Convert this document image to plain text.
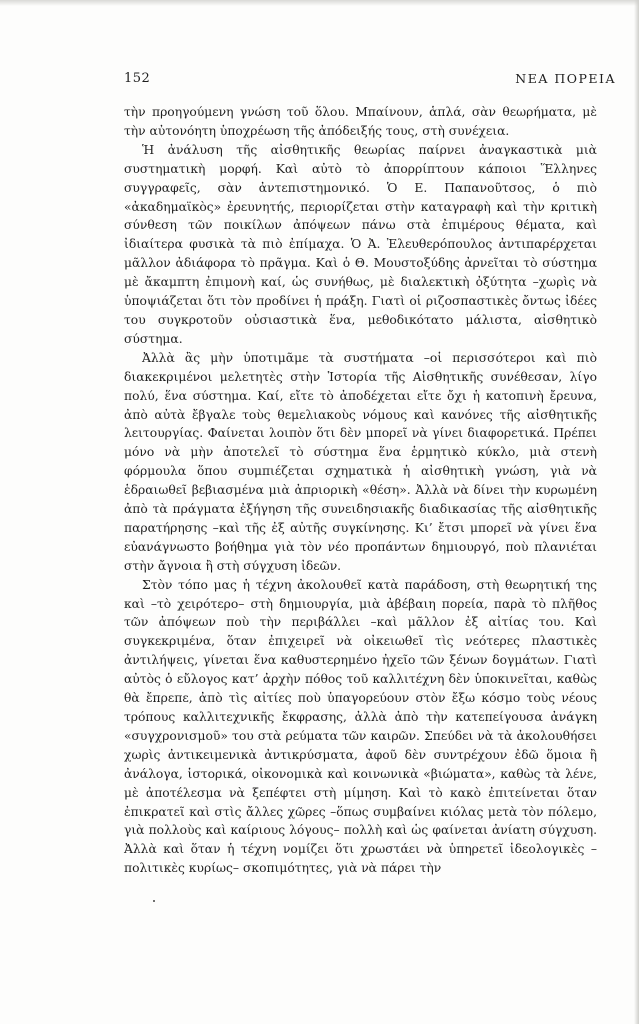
152	ΝΕΑ ΠΟΡΕΙΑ

τὴν προηγούμενη γνώση τοῦ ὅλου. Μπαίνουν, ἁπλά, σὰν θεωρήματα, μὲ τὴν αὐτονόητη ὑποχρέωση τῆς ἀπόδειξής τους, στὴ συνέχεια.

Ἡ ἀνάλυση τῆς αἰσθητικῆς θεωρίας παίρνει ἀναγκαστικὰ μιὰ συστηματικὴ μορφή. Καὶ αὐτὸ τὸ ἀπορρίπτουν κάποιοι Ἕλληνες συγγραφεῖς, σὰν ἀντεπιστημονικό. Ὁ Ε. Παπανοῦτσος, ὁ πιὸ «ἀκαδημαϊκὸς» ἐρευνητής, περιορίζεται στὴν καταγραφὴ καὶ τὴν κριτικὴ σύνθεση τῶν ποικίλων ἀπόψεων πάνω στὰ ἐπιμέρους θέματα, καὶ ἰδιαίτερα φυσικὰ τὰ πιὸ ἐπίμαχα. Ὁ Ἀ. Ἐλευθερόπουλος ἀντιπαρέρχεται μᾶλλον ἀδιάφορα τὸ πρᾶγμα. Καὶ ὁ Θ. Μουστοξύδης ἀρνεῖται τὸ σύστημα μὲ ἄκαμπτη ἐπιμονὴ καί, ὡς συνήθως, μὲ διαλεκτικὴ ὀξύτητα –χωρὶς νὰ ὑποψιάζεται ὅτι τὸν προδίνει ἡ πράξη. Γιατὶ οἱ ριζοσπαστικὲς ὄντως ἰδέες του συγκροτοῦν οὐσιαστικὰ ἕνα, μεθοδικότατο μάλιστα, αἰσθητικὸ σύστημα.

Ἀλλὰ ἂς μὴν ὑποτιμᾶμε τὰ συστήματα –οἱ περισσότεροι καὶ πιὸ διακεκριμένοι μελετητὲς στὴν Ἱστορία τῆς Αἰσθητικῆς συνέθεσαν, λίγο πολύ, ἕνα σύστημα. Καί, εἴτε τὸ ἀποδέχεται εἴτε ὄχι ἡ κατοπινὴ ἔρευνα, ἀπὸ αὐτὰ ἔβγαλε τοὺς θεμελιακοὺς νόμους καὶ κανόνες τῆς αἰσθητικῆς λειτουργίας. Φαίνεται λοιπὸν ὅτι δὲν μπορεῖ νὰ γίνει διαφορετικά. Πρέπει μόνο νὰ μὴν ἀποτελεῖ τὸ σύστημα ἕνα ἑρμητικὸ κύκλο, μιὰ στενὴ φόρμουλα ὅπου συμπιέζεται σχηματικὰ ἡ αἰσθητικὴ γνώση, γιὰ νὰ ἑδραιωθεῖ βεβιασμένα μιὰ ἀπριορικὴ «θέση». Ἀλλὰ νὰ δίνει τὴν κυρωμένη ἀπὸ τὰ πράγματα ἐξήγηση τῆς συνειδησιακῆς διαδικασίας τῆς αἰσθητικῆς παρατήρησης –καὶ τῆς ἐξ αὐτῆς συγκίνησης. Κι’ ἔτσι μπορεῖ νὰ γίνει ἕνα εὐανάγνωστο βοήθημα γιὰ τὸν νέο προπάντων δημιουργό, ποὺ πλανιέται στὴν ἄγνοια ἢ στὴ σύγχυση ἰδεῶν.

Στὸν τόπο μας ἡ τέχνη ἀκολουθεῖ κατὰ παράδοση, στὴ θεωρητική της καὶ –τὸ χειρότερο– στὴ δημιουργία, μιὰ ἀβέβαιη πορεία, παρὰ τὸ πλῆθος τῶν ἀπόψεων ποὺ τὴν περιβάλλει –καὶ μᾶλλον ἐξ αἰτίας του. Καὶ συγκεκριμένα, ὅταν ἐπιχειρεῖ νὰ οἰκειωθεῖ τὶς νεότερες πλαστικὲς ἀντιλήψεις, γίνεται ἕνα καθυστερημένο ἠχεῖο τῶν ξένων δογμάτων. Γιατὶ αὐτὸς ὁ εὔλογος κατ’ ἀρχὴν πόθος τοῦ καλλιτέχνη δὲν ὑποκινεῖται, καθὼς θὰ ἔπρεπε, ἀπὸ τὶς αἰτίες ποὺ ὑπαγορεύουν στὸν ἔξω κόσμο τοὺς νέους τρόπους καλλιτεχνικῆς ἔκφρασης, ἀλλὰ ἀπὸ τὴν κατεπείγουσα ἀνάγκη «συγχρονισμοῦ» του στὰ ρεύματα τῶν καιρῶν. Σπεύδει νὰ τὰ ἀκολουθήσει χωρὶς ἀντικειμενικὰ ἀντικρύσματα, ἀφοῦ δὲν συντρέχουν ἐδῶ ὅμοια ἢ ἀνάλογα, ἱστορικά, οἰκονομικὰ καὶ κοινωνικὰ «βιώματα», καθὼς τὰ λένε, μὲ ἀποτέλεσμα νὰ ξεπέφτει στὴ μίμηση. Καὶ τὸ κακὸ ἐπιτείνεται ὅταν ἐπικρατεῖ καὶ στὶς ἄλλες χῶρες –ὅπως συμβαίνει κιόλας μετὰ τὸν πόλεμο, γιὰ πολλοὺς καὶ καίριους λόγους– πολλὴ καὶ ὡς φαίνεται ἀνίατη σύγχυση. Ἀλλὰ καὶ ὅταν ἡ τέχνη νομίζει ὅτι χρωστάει νὰ ὑπηρετεῖ ἰδεολογικὲς –πολιτικὲς κυρίως– σκοπιμότητες, γιὰ νὰ πάρει τὴν
